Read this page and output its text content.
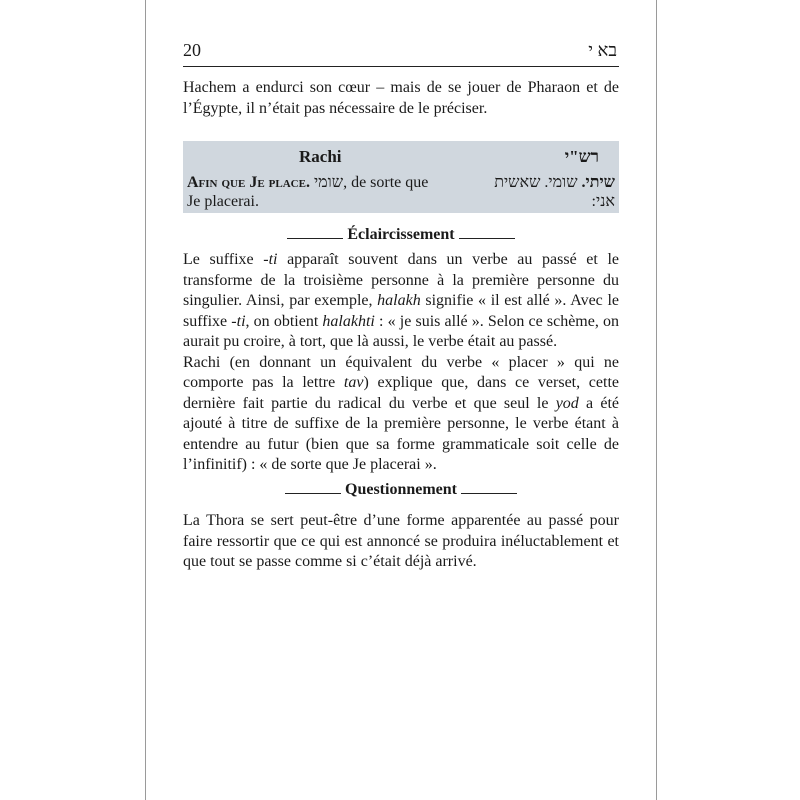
20	בא י

Hachem a endurci son cœur – mais de se jouer de Pharaon et de l’Égypte, il n’était pas nécessaire de le préciser.

Rachi	רש"י
Afin que Je place. שומי, de sorte que
Je placerai.
שיתי. שומי. שאשית
אני:
Éclaircissement

Le suffixe -ti apparaît souvent dans un verbe au passé et le transforme de la troisième personne à la première personne du singulier. Ainsi, par exemple, halakh signifie « il est allé ». Avec le suffixe -ti, on obtient halakhti : « je suis allé ». Selon ce schème, on aurait pu croire, à tort, que là aussi, le verbe était au passé.

Rachi (en donnant un équivalent du verbe « placer » qui ne comporte pas la lettre tav) explique que, dans ce verset, cette dernière fait partie du radical du verbe et que seul le yod a été ajouté à titre de suffixe de la première personne, le verbe étant à entendre au futur (bien que sa forme grammaticale soit celle de l’infinitif) : « de sorte que Je placerai ».

Questionnement

La Thora se sert peut-être d’une forme apparentée au passé pour faire ressortir que ce qui est annoncé se produira inéluctablement et que tout se passe comme si c’était déjà arrivé.
